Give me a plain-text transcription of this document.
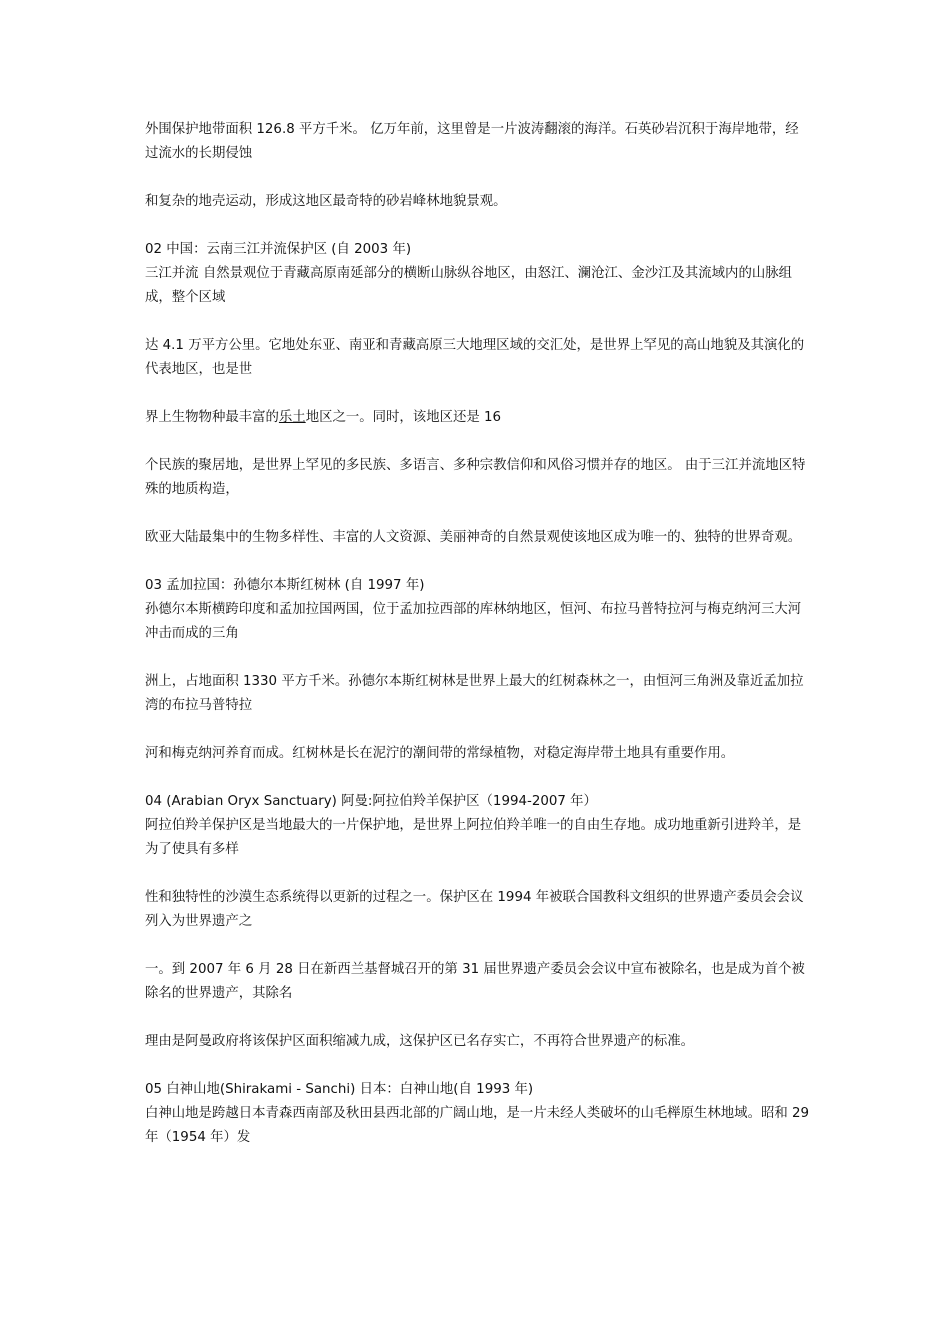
外围保护地带面积 126.8 平方千米。 亿万年前，这里曾是一片波涛翻滚的海洋。石英砂岩沉积于海岸地带，经过流水的长期侵蚀

和复杂的地壳运动，形成这地区最奇特的砂岩峰林地貌景观。

02 中国：云南三江并流保护区 (自 2003 年)

三江并流 自然景观位于青藏高原南延部分的横断山脉纵谷地区，由怒江、澜沧江、金沙江及其流域内的山脉组成，整个区域

达 4.1 万平方公里。它地处东亚、南亚和青藏高原三大地理区域的交汇处，是世界上罕见的高山地貌及其演化的代表地区，也是世

界上生物物种最丰富的乐土地区之一。同时，该地区还是 16

个民族的聚居地，是世界上罕见的多民族、多语言、多种宗教信仰和风俗习惯并存的地区。 由于三江并流地区特殊的地质构造，

欧亚大陆最集中的生物多样性、丰富的人文资源、美丽神奇的自然景观使该地区成为唯一的、独特的世界奇观。

03 孟加拉国：孙德尔本斯红树林 (自 1997 年)

孙德尔本斯横跨印度和孟加拉国两国，位于孟加拉西部的库林纳地区，恒河、布拉马普特拉河与梅克纳河三大河冲击而成的三角

洲上，占地面积 1330 平方千米。孙德尔本斯红树林是世界上最大的红树森林之一，由恒河三角洲及靠近孟加拉湾的布拉马普特拉

河和梅克纳河养育而成。红树林是长在泥泞的潮间带的常绿植物，对稳定海岸带土地具有重要作用。

04 (Arabian Oryx Sanctuary) 阿曼:阿拉伯羚羊保护区（1994-2007 年）

阿拉伯羚羊保护区是当地最大的一片保护地，是世界上阿拉伯羚羊唯一的自由生存地。成功地重新引进羚羊，是为了使具有多样

性和独特性的沙漠生态系统得以更新的过程之一。保护区在 1994 年被联合国教科文组织的世界遗产委员会会议列入为世界遗产之

一。到 2007 年 6 月 28 日在新西兰基督城召开的第 31 届世界遗产委员会会议中宣布被除名，也是成为首个被除名的世界遗产，其除名

理由是阿曼政府将该保护区面积缩减九成，这保护区已名存实亡，不再符合世界遗产的标准。

05 白神山地(Shirakami - Sanchi) 日本：白神山地(自 1993 年)

白神山地是跨越日本青森西南部及秋田县西北部的广阔山地，是一片未经人类破坏的山毛榉原生林地域。昭和 29 年（1954 年）发
